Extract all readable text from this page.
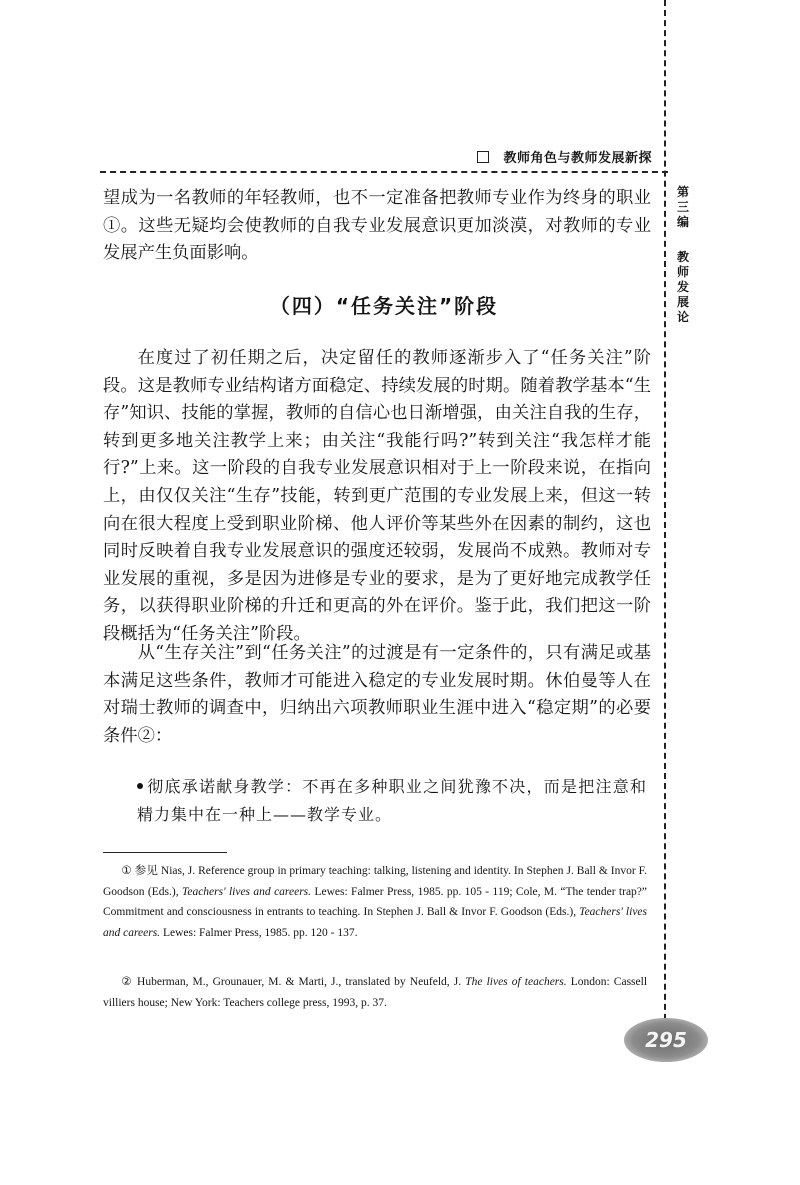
教师角色与教师发展新探
第三编
教师发展论

望成为一名教师的年轻教师，也不一定准备把教师专业作为终身的职业①。这些无疑均会使教师的自我专业发展意识更加淡漠，对教师的专业发展产生负面影响。

（四）“任务关注”阶段

在度过了初任期之后，决定留任的教师逐渐步入了“任务关注”阶段。这是教师专业结构诸方面稳定、持续发展的时期。随着教学基本“生存”知识、技能的掌握，教师的自信心也日渐增强，由关注自我的生存，转到更多地关注教学上来；由关注“我能行吗?”转到关注“我怎样才能行?”上来。这一阶段的自我专业发展意识相对于上一阶段来说，在指向上，由仅仅关注“生存”技能，转到更广范围的专业发展上来，但这一转向在很大程度上受到职业阶梯、他人评价等某些外在因素的制约，这也同时反映着自我专业发展意识的强度还较弱，发展尚不成熟。教师对专业发展的重视，多是因为进修是专业的要求，是为了更好地完成教学任务，以获得职业阶梯的升迁和更高的外在评价。鉴于此，我们把这一阶段概括为“任务关注”阶段。

从“生存关注”到“任务关注”的过渡是有一定条件的，只有满足或基本满足这些条件，教师才可能进入稳定的专业发展时期。休伯曼等人在对瑞士教师的调查中，归纳出六项教师职业生涯中进入“稳定期”的必要条件②：

彻底承诺献身教学：不再在多种职业之间犹豫不决，而是把注意和精力集中在一种上——教学专业。

① 参见 Nias, J. Reference group in primary teaching: talking, listening and identity. In Stephen J. Ball & Invor F. Goodson (Eds.), Teachers' lives and careers. Lewes: Falmer Press, 1985. pp. 105 - 119; Cole, M. “The tender trap?” Commitment and consciousness in entrants to teaching. In Stephen J. Ball & Invor F. Goodson (Eds.), Teachers' lives and careers. Lewes: Falmer Press, 1985. pp. 120 - 137.

② Huberman, M., Grounauer, M. & Marti, J., translated by Neufeld, J. The lives of teachers. London: Cassell villiers house; New York: Teachers college press, 1993, p. 37.

295
